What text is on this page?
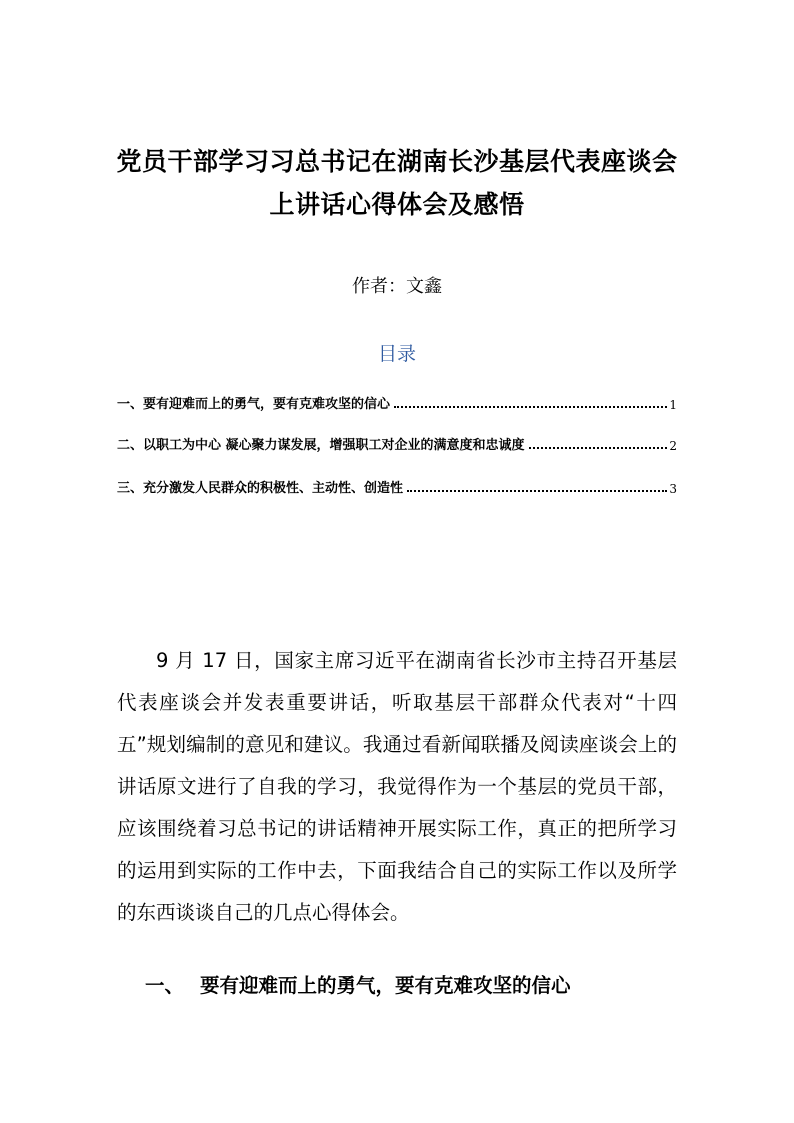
党员干部学习习总书记在湖南长沙基层代表座谈会
上讲话心得体会及感悟
作者：文鑫
目录
一、要有迎难而上的勇气，要有克难攻坚的信心	1
二、以职工为中心 凝心聚力谋发展，增强职工对企业的满意度和忠诚度	2
三、充分激发人民群众的积极性、主动性、创造性	3
9 月 17 日，国家主席习近平在湖南省长沙市主持召开基层代表座谈会并发表重要讲话，听取基层干部群众代表对“十四五”规划编制的意见和建议。我通过看新闻联播及阅读座谈会上的讲话原文进行了自我的学习，我觉得作为一个基层的党员干部，应该围绕着习总书记的讲话精神开展实际工作，真正的把所学习的运用到实际的工作中去，下面我结合自己的实际工作以及所学的东西谈谈自己的几点心得体会。
一、 要有迎难而上的勇气，要有克难攻坚的信心
